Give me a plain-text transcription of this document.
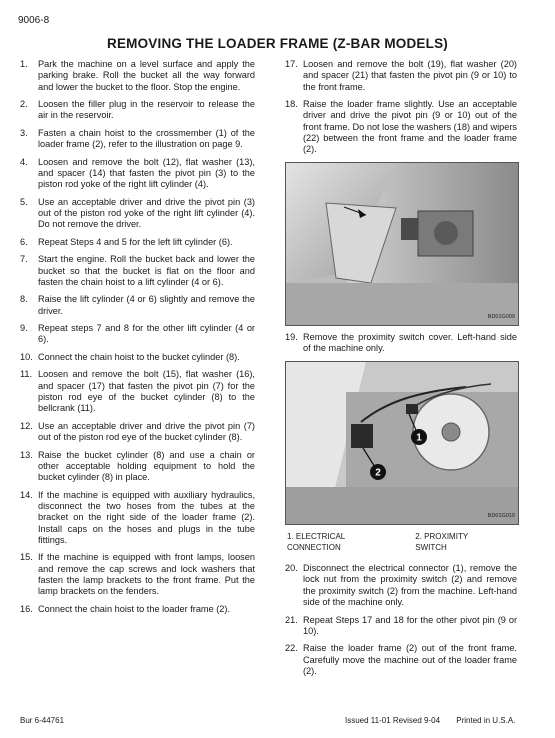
9006-8
REMOVING THE LOADER FRAME (Z-BAR MODELS)
1.	Park the machine on a level surface and apply the parking brake. Roll the bucket all the way forward and lower the bucket to the floor. Stop the engine.
2.	Loosen the filler plug in the reservoir to release the air in the reservoir.
3.	Fasten a chain hoist to the crossmember (1) of the loader frame (2), refer to the illustration on page 9.
4.	Loosen and remove the bolt (12), flat washer (13), and spacer (14) that fasten the pivot pin (3) to the piston rod yoke of the right lift cylinder (4).
5.	Use an acceptable driver and drive the pivot pin (3) out of the piston rod yoke of the right lift cylinder (4). Do not remove the driver.
6.	Repeat Steps 4 and 5 for the left lift cylinder (6).
7.	Start the engine. Roll the bucket back and lower the bucket so that the bucket is flat on the floor and fasten the chain hoist to a lift cylinder (4 or 6).
8.	Raise the lift cylinder (4 or 6) slightly and remove the driver.
9.	Repeat steps 7 and 8 for the other lift cylinder (4 or 6).
10. Connect the chain hoist to the bucket cylinder (8).
11. Loosen and remove the bolt (15), flat washer (16), and spacer (17) that fasten the pivot pin (7) for the piston rod eye of the bucket cylinder (8) to the bellcrank (11).
12. Use an acceptable driver and drive the pivot pin (7) out of the piston rod eye of the bucket cylinder (8).
13. Raise the bucket cylinder (8) and use a chain or other acceptable holding equipment to hold the bucket cylinder (8) in place.
14. If the machine is equipped with auxiliary hydraulics, disconnect the two hoses from the tubes at the bracket on the right side of the loader frame (2). Install caps on the hoses and plugs in the tube fittings.
15. If the machine is equipped with front lamps, loosen and remove the cap screws and lock washers that fasten the lamp brackets to the front frame. Put the lamp brackets on the fenders.
16. Connect the chain hoist to the loader frame (2).
17. Loosen and remove the bolt (19), flat washer (20) and spacer (21) that fasten the pivot pin (9 or 10) to the front frame.
18. Raise the loader frame slightly. Use an acceptable driver and drive the pivot pin (9 or 10) out of the front frame. Do not lose the washers (18) and wipers (22) between the front frame and the loader frame (2).
BD01G009
19. Remove the proximity switch cover. Left-hand side of the machine only.
1
2
BD01G010
1. ELECTRICAL CONNECTION
2. PROXIMITY SWITCH
20. Disconnect the electrical connector (1), remove the lock nut from the proximity switch (2) and remove the proximity switch (2) from the machine. Left-hand side of the machine only.
21. Repeat Steps 17 and 18 for the other pivot pin (9 or 10).
22. Raise the loader frame (2) out of the front frame. Carefully move the machine out of the loader frame (2).
Bur 6-44761	Issued 11-01 Revised 9-04 Printed in U.S.A.
